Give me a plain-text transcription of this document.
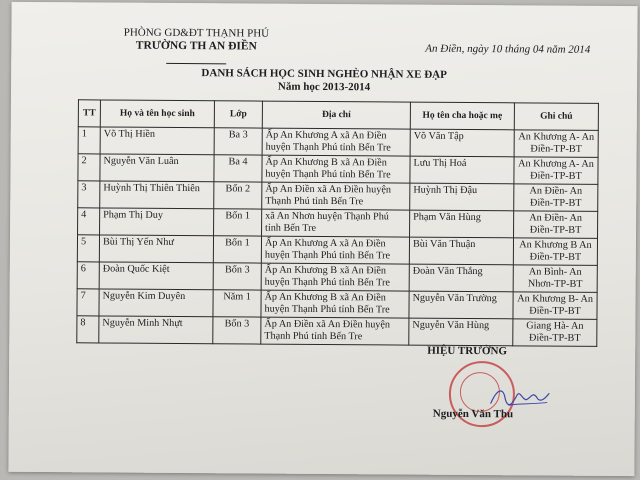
PHÒNG GD&ĐT THẠNH PHÚ
TRƯỜNG TH AN ĐIỀN	An Điền, ngày 10 tháng 04 năm 2014
DANH SÁCH HỌC SINH NGHÈO NHẬN XE ĐẠP
Năm học 2013-2014
TT	Họ và tên học sinh	Lớp	Địa chỉ	Họ tên cha hoặc mẹ	Ghi chú
1	Võ Thị Hiền	Ba 3	Ấp An Khương A xã An Điền huyện Thạnh Phú tỉnh Bến Tre	Võ Văn Tập	An Khương A- An Điền-TP-BT
2	Nguyễn Văn Luân	Ba 4	Ấp An Khương B xã An Điền huyện Thạnh Phú tỉnh Bến Tre	Lưu Thị Hoá	An Khương A- An Điền-TP-BT
3	Huỳnh Thị Thiên Thiên	Bốn 2	Ấp An Điền xã An Điền huyện Thạnh Phú tỉnh Bến Tre	Huỳnh Thị Đậu	An Điền- An Điền-TP-BT
4	Phạm Thị Duy	Bốn 1	xã An Nhơn huyện Thạnh Phú tỉnh Bến Tre	Phạm Văn Hùng	An Điền- An Điền-TP-BT
5	Bùi Thị Yến Như	Bốn 1	Ấp An Khương A xã An Điền huyện Thạnh Phú tỉnh Bến Tre	Bùi Văn Thuận	An Khương B An Điền-TP-BT
6	Đoàn Quốc Kiệt	Bốn 3	Ấp An Khương B xã An Điền huyện Thạnh Phú tỉnh Bến Tre	Đoàn Văn Thắng	An Bình- An Nhơn-TP-BT
7	Nguyễn Kim Duyên	Năm 1	Ấp An Khương B xã An Điền huyện Thạnh Phú tỉnh Bến Tre	Nguyễn Văn Trường	An Khương B- An Điền-TP-BT
8	Nguyễn Minh Nhựt	Bốn 3	Ấp An Điền xã An Điền huyện Thạnh Phú tỉnh Bến Tre	Nguyễn Văn Hùng	Giang Hà- An Điền-TP-BT
HIỆU TRƯỞNG
Nguyễn Văn Thu
